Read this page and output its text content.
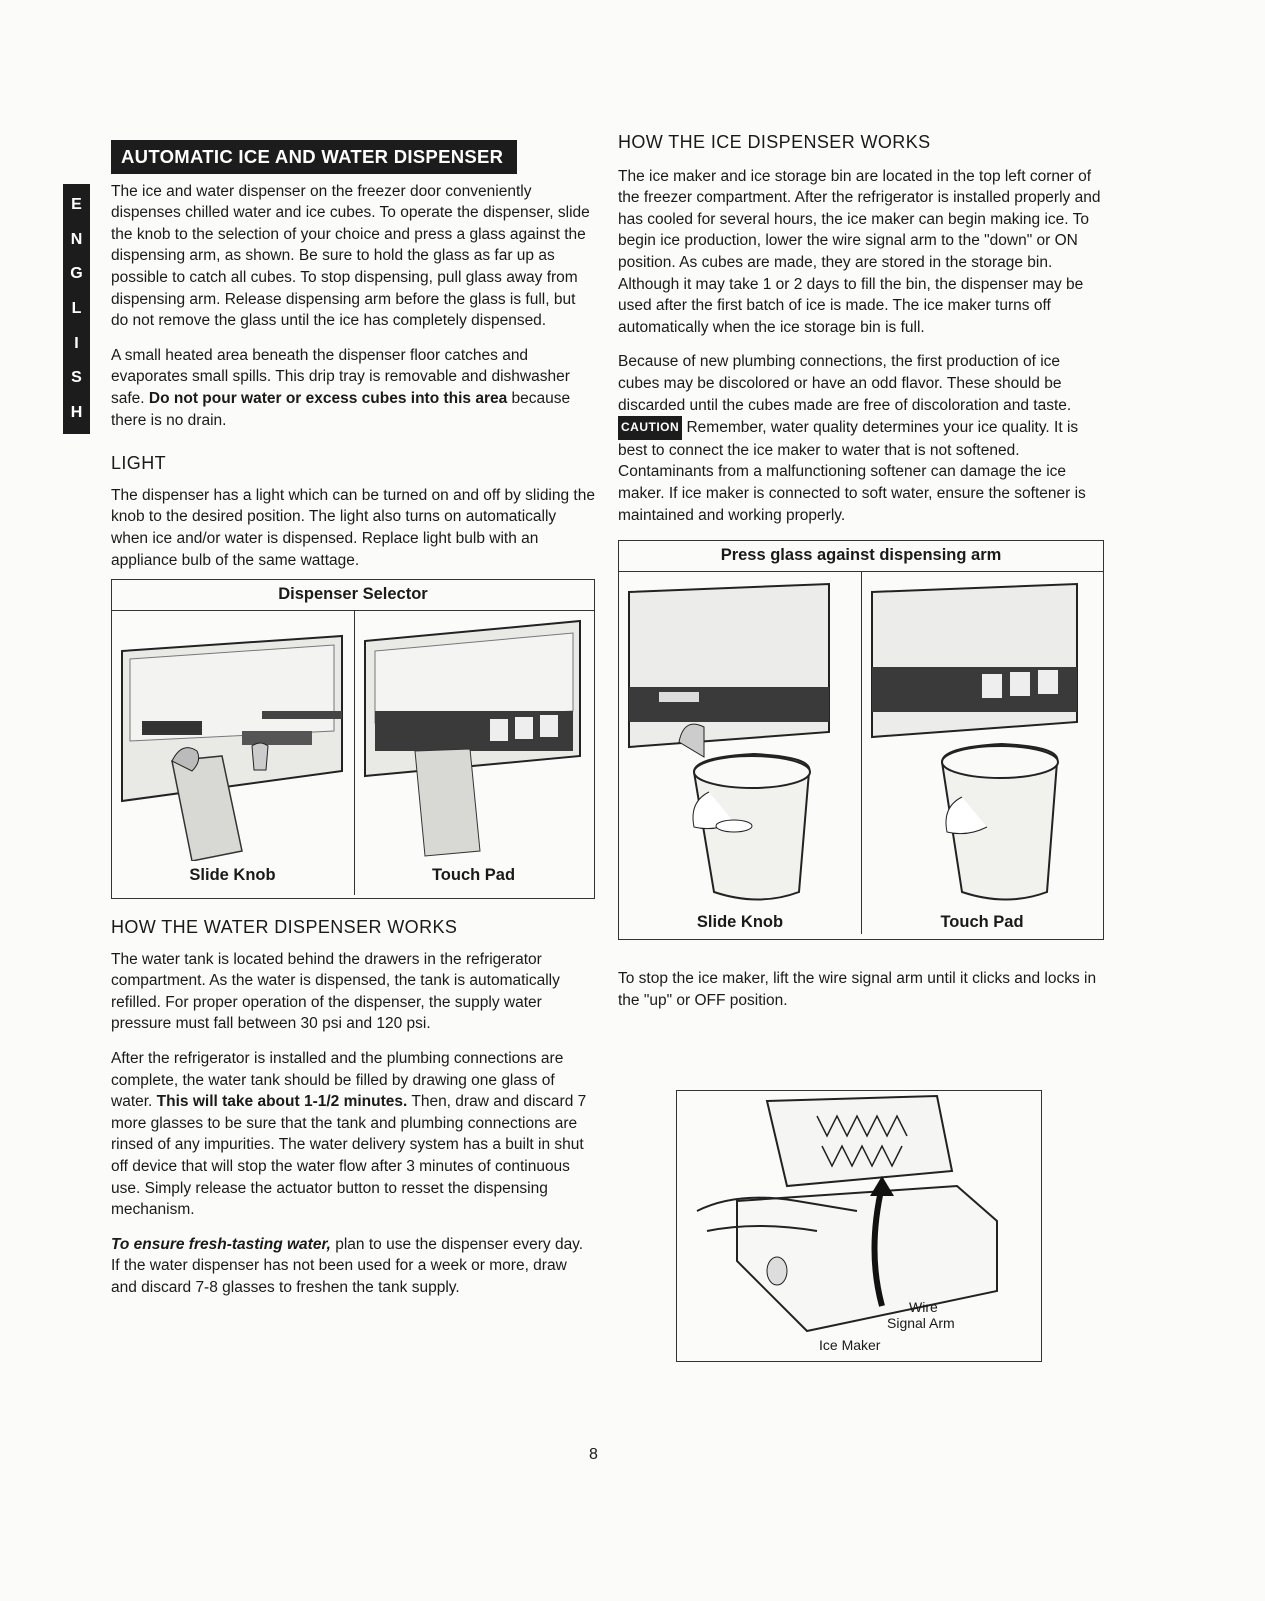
E
N
G
L
I
S
H
AUTOMATIC ICE AND WATER DISPENSER

The ice and water dispenser on the freezer door conveniently dispenses chilled water and ice cubes. To operate the dispenser, slide the knob to the selection of your choice and press a glass against the dispensing arm, as shown. Be sure to hold the glass as far up as possible to catch all cubes. To stop dispensing, pull glass away from dispensing arm. Release dispensing arm before the glass is full, but do not remove the glass until the ice has completely dispensed.

A small heated area beneath the dispenser floor catches and evaporates small spills. This drip tray is removable and dishwasher safe. Do not pour water or excess cubes into this area because there is no drain.

LIGHT

The dispenser has a light which can be turned on and off by sliding the knob to the desired position. The light also turns on automatically when ice and/or water is dispensed. Replace light bulb with an appliance bulb of the same wattage.

Dispenser Selector
Slide Knob	Touch Pad
HOW THE WATER DISPENSER WORKS

The water tank is located behind the drawers in the refrigerator compartment. As the water is dispensed, the tank is automatically refilled. For proper operation of the dispenser, the supply water pressure must fall between 30 psi and 120 psi.

After the refrigerator is installed and the plumbing connections are complete, the water tank should be filled by drawing one glass of water. This will take about 1-1/2 minutes. Then, draw and discard 7 more glasses to be sure that the tank and plumbing connections are rinsed of any impurities. The water delivery system has a built in shut off device that will stop the water flow after 3 minutes of continuous use. Simply release the actuator button to resset the dispensing mechanism.

To ensure fresh-tasting water, plan to use the dispenser every day. If the water dispenser has not been used for a week or more, draw and discard 7-8 glasses to freshen the tank supply.

HOW THE ICE DISPENSER WORKS

The ice maker and ice storage bin are located in the top left corner of the freezer compartment. After the refrigerator is installed properly and has cooled for several hours, the ice maker can begin making ice. To begin ice production, lower the wire signal arm to the "down" or ON position. As cubes are made, they are stored in the storage bin. Although it may take 1 or 2 days to fill the bin, the dispenser may be used after the first batch of ice is made. The ice maker turns off automatically when the ice storage bin is full.

Because of new plumbing connections, the first production of ice cubes may be discolored or have an odd flavor. These should be discarded until the cubes made are free of discoloration and taste. CAUTION Remember, water quality determines your ice quality. It is best to connect the ice maker to water that is not softened. Contaminants from a malfunctioning softener can damage the ice maker. If ice maker is connected to soft water, ensure the softener is maintained and working properly.

Press glass against dispensing arm
Slide Knob	Touch Pad

To stop the ice maker, lift the wire signal arm until it clicks and locks in the "up" or OFF position.

Wire
Signal Arm
Ice Maker
8
